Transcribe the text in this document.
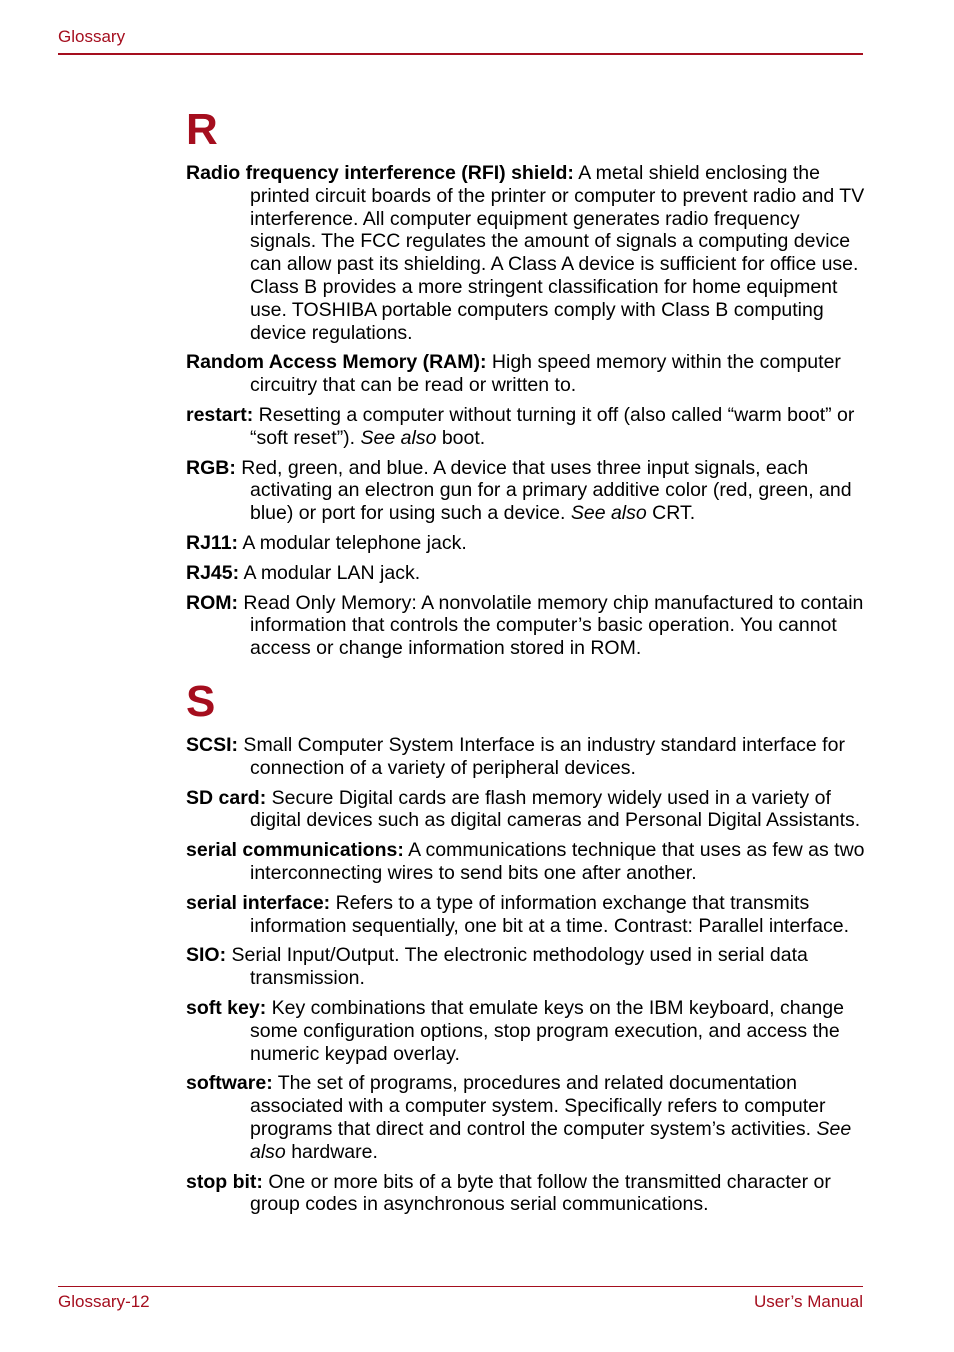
Glossary
R

Radio frequency interference (RFI) shield: A metal shield enclosing the printed circuit boards of the printer or computer to prevent radio and TV interference. All computer equipment generates radio frequency signals. The FCC regulates the amount of signals a computing device can allow past its shielding. A Class A device is sufficient for office use. Class B provides a more stringent classification for home equipment use. TOSHIBA portable computers comply with Class B computing device regulations.

Random Access Memory (RAM): High speed memory within the computer circuitry that can be read or written to.

restart: Resetting a computer without turning it off (also called “warm boot” or “soft reset”). See also boot.

RGB: Red, green, and blue. A device that uses three input signals, each activating an electron gun for a primary additive color (red, green, and blue) or port for using such a device. See also CRT.

RJ11: A modular telephone jack.

RJ45: A modular LAN jack.

ROM: Read Only Memory: A nonvolatile memory chip manufactured to contain information that controls the computer’s basic operation. You cannot access or change information stored in ROM.

S

SCSI: Small Computer System Interface is an industry standard interface for connection of a variety of peripheral devices.

SD card: Secure Digital cards are flash memory widely used in a variety of digital devices such as digital cameras and Personal Digital Assistants.

serial communications: A communications technique that uses as few as two interconnecting wires to send bits one after another.

serial interface: Refers to a type of information exchange that transmits information sequentially, one bit at a time. Contrast: Parallel interface.

SIO: Serial Input/Output. The electronic methodology used in serial data transmission.

soft key: Key combinations that emulate keys on the IBM keyboard, change some configuration options, stop program execution, and access the numeric keypad overlay.

software: The set of programs, procedures and related documentation associated with a computer system. Specifically refers to computer programs that direct and control the computer system’s activities. See also hardware.

stop bit: One or more bits of a byte that follow the transmitted character or group codes in asynchronous serial communications.

Glossary-12	User’s Manual
